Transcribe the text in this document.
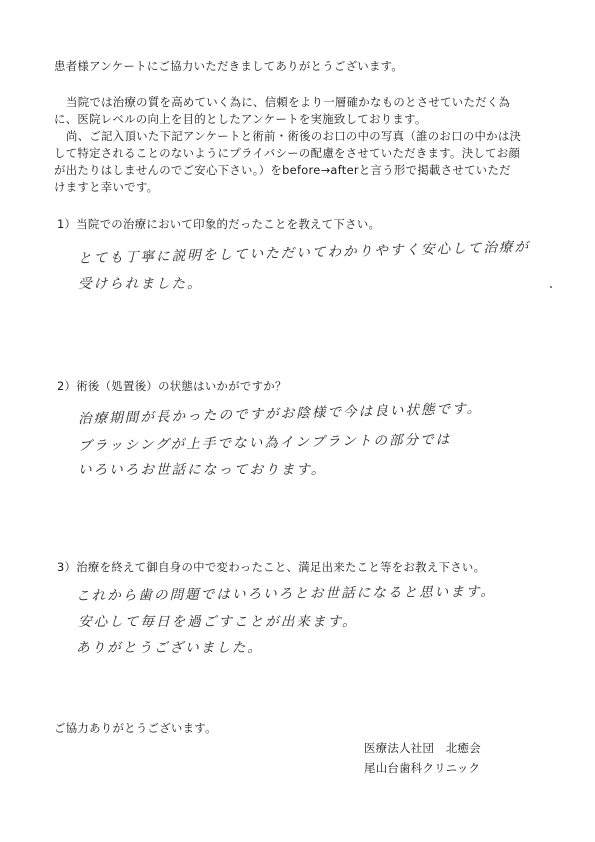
患者様アンケートにご協力いただきましてありがとうございます。
当院では治療の質を高めていく為に、信頼をより一層確かなものとさせていただく為
に、医院レベルの向上を目的としたアンケートを実施致しております。
尚、ご記入頂いた下記アンケートと術前・術後のお口の中の写真（誰のお口の中かは決
して特定されることのないようにプライバシーの配慮をさせていただきます。決してお顔
が出たりはしませんのでご安心下さい。）をbefore→afterと言う形で掲載させていただ
けますと幸いです。
1）当院での治療において印象的だったことを教えて下さい。
とても丁寧に説明をしていただいてわかりやすく安心して治療が
受けられました。
2）術後（処置後）の状態はいかがですか？
治療期間が長かったのですがお陰様で今は良い状態です。
ブラッシングが上手でない為インプラントの部分では
いろいろお世話になっております。
3）治療を終えて御自身の中で変わったこと、満足出来たこと等をお教え下さい。
これから歯の問題ではいろいろとお世話になると思います。
安心して毎日を過ごすことが出来ます。
ありがとうございました。
ご協力ありがとうございます。
医療法人社団　北癒会
尾山台歯科クリニック
